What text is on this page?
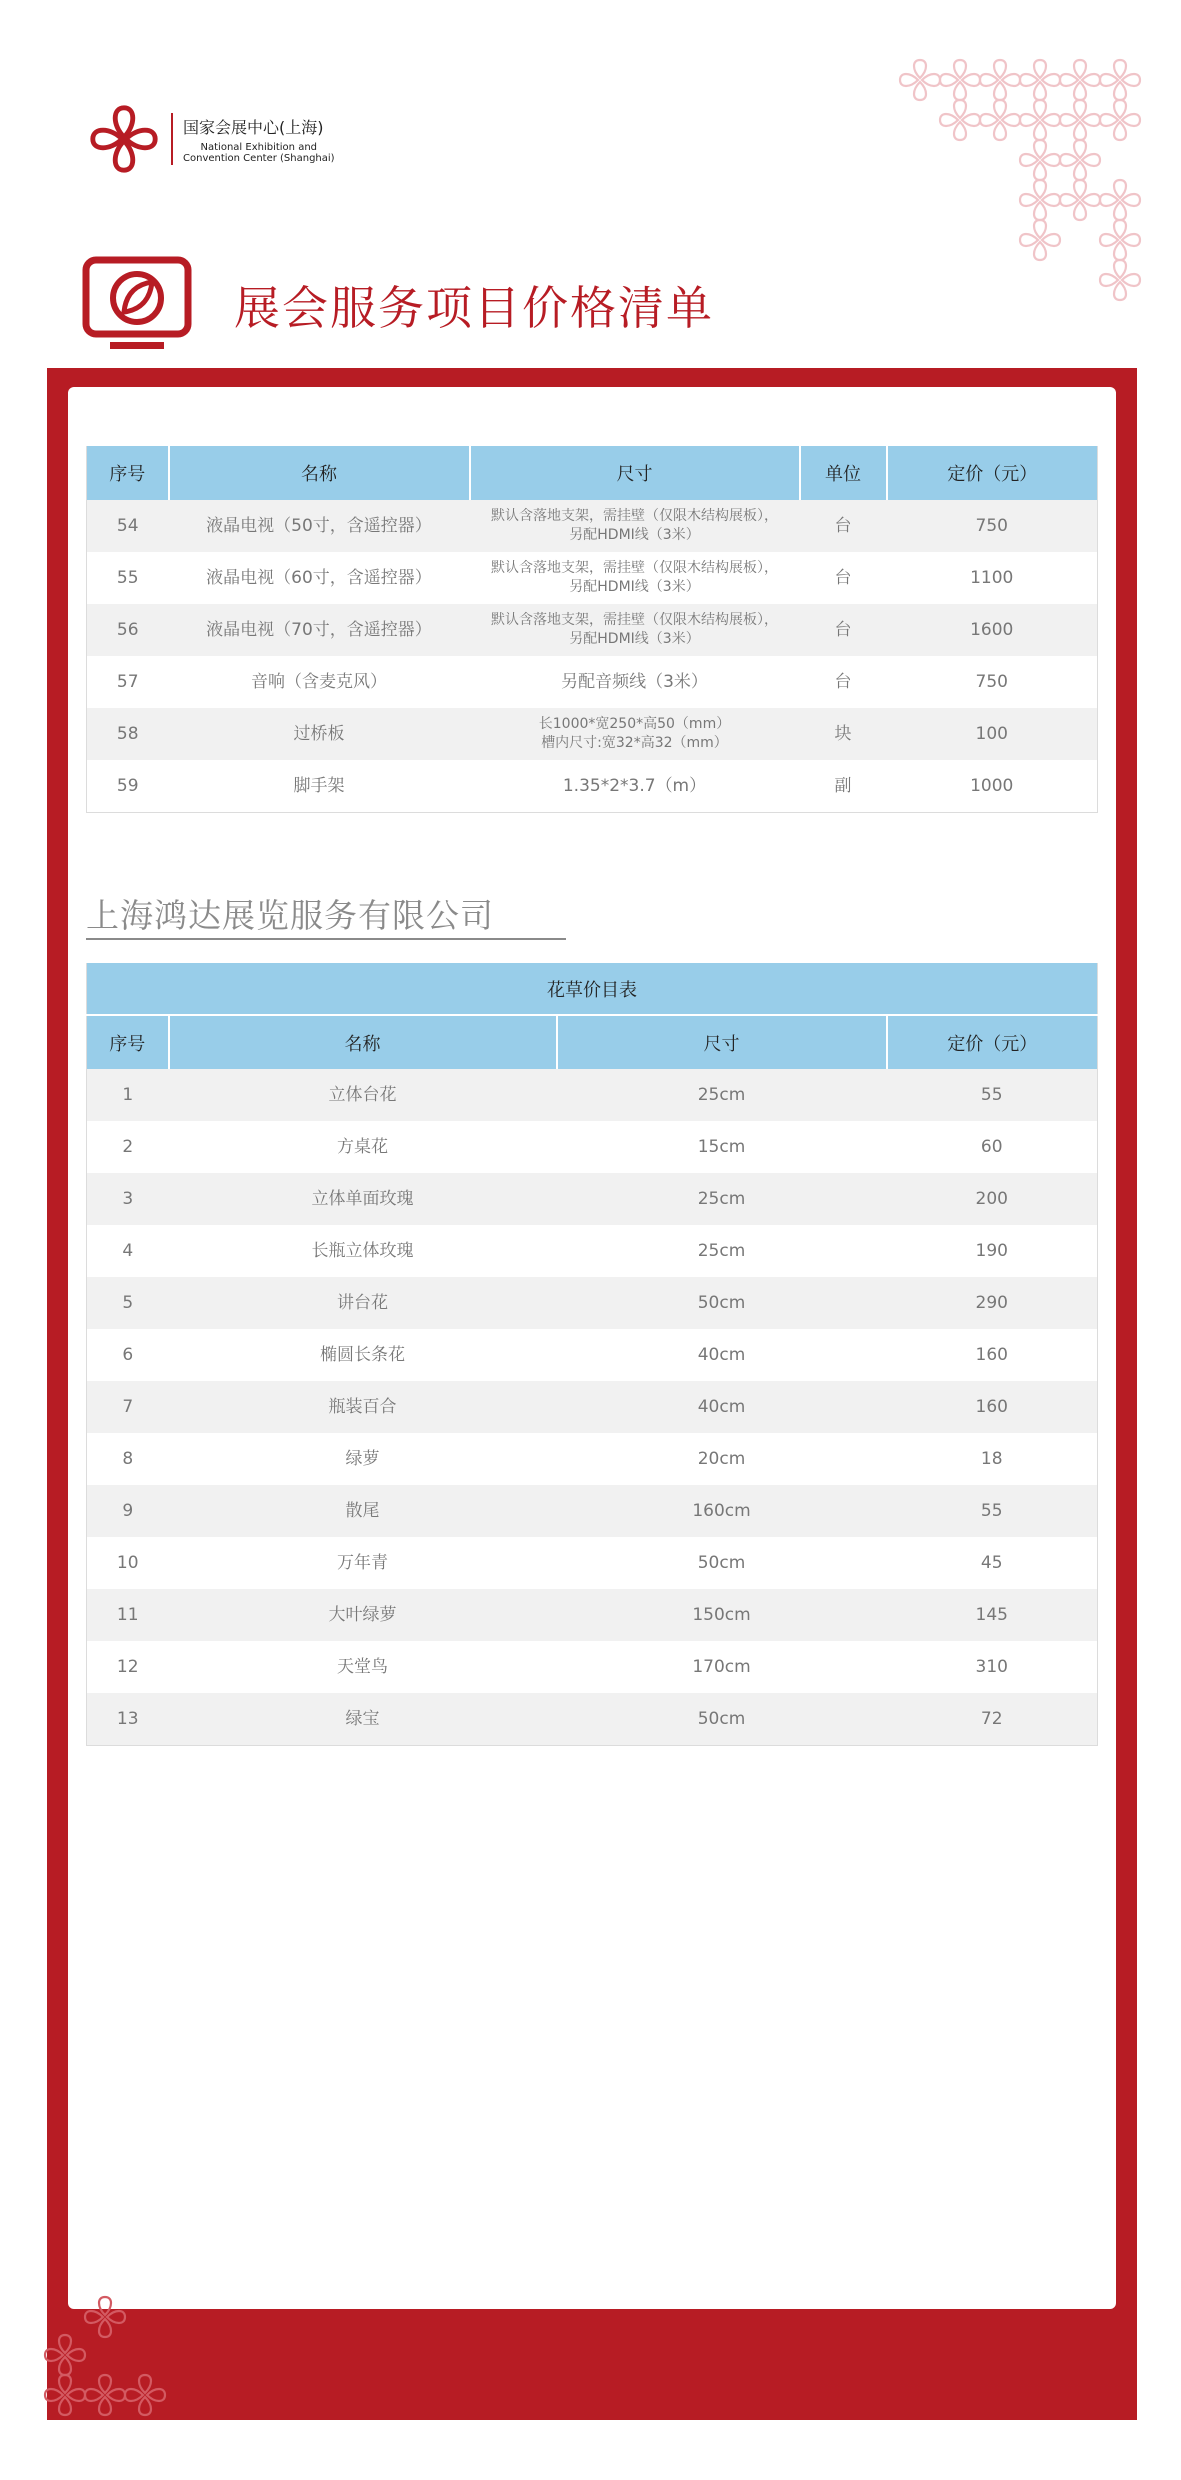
国家会展中心(上海)
National Exhibition and
Convention Center (Shanghai)
展会服务项目价格清单
序号	名称	尺寸	单位	定价（元）
54	液晶电视（50寸，含遥控器）	默认含落地支架，需挂壁（仅限木结构展板），
另配HDMI线（3米）	台	750
55	液晶电视（60寸，含遥控器）	默认含落地支架，需挂壁（仅限木结构展板），
另配HDMI线（3米）	台	1100
56	液晶电视（70寸，含遥控器）	默认含落地支架，需挂壁（仅限木结构展板），
另配HDMI线（3米）	台	1600
57	音响（含麦克风）	另配音频线（3米）	台	750
58	过桥板	长1000*宽250*高50（mm）
槽内尺寸:宽32*高32（mm）	块	100
59	脚手架	1.35*2*3.7（m）	副	1000
上海鸿达展览服务有限公司
花草价目表			
序号	名称	尺寸	定价（元）
1	立体台花	25cm	55
2	方桌花	15cm	60
3	立体单面玫瑰	25cm	200
4	长瓶立体玫瑰	25cm	190
5	讲台花	50cm	290
6	椭圆长条花	40cm	160
7	瓶装百合	40cm	160
8	绿萝	20cm	18
9	散尾	160cm	55
10	万年青	50cm	45
11	大叶绿萝	150cm	145
12	天堂鸟	170cm	310
13	绿宝	50cm	72
